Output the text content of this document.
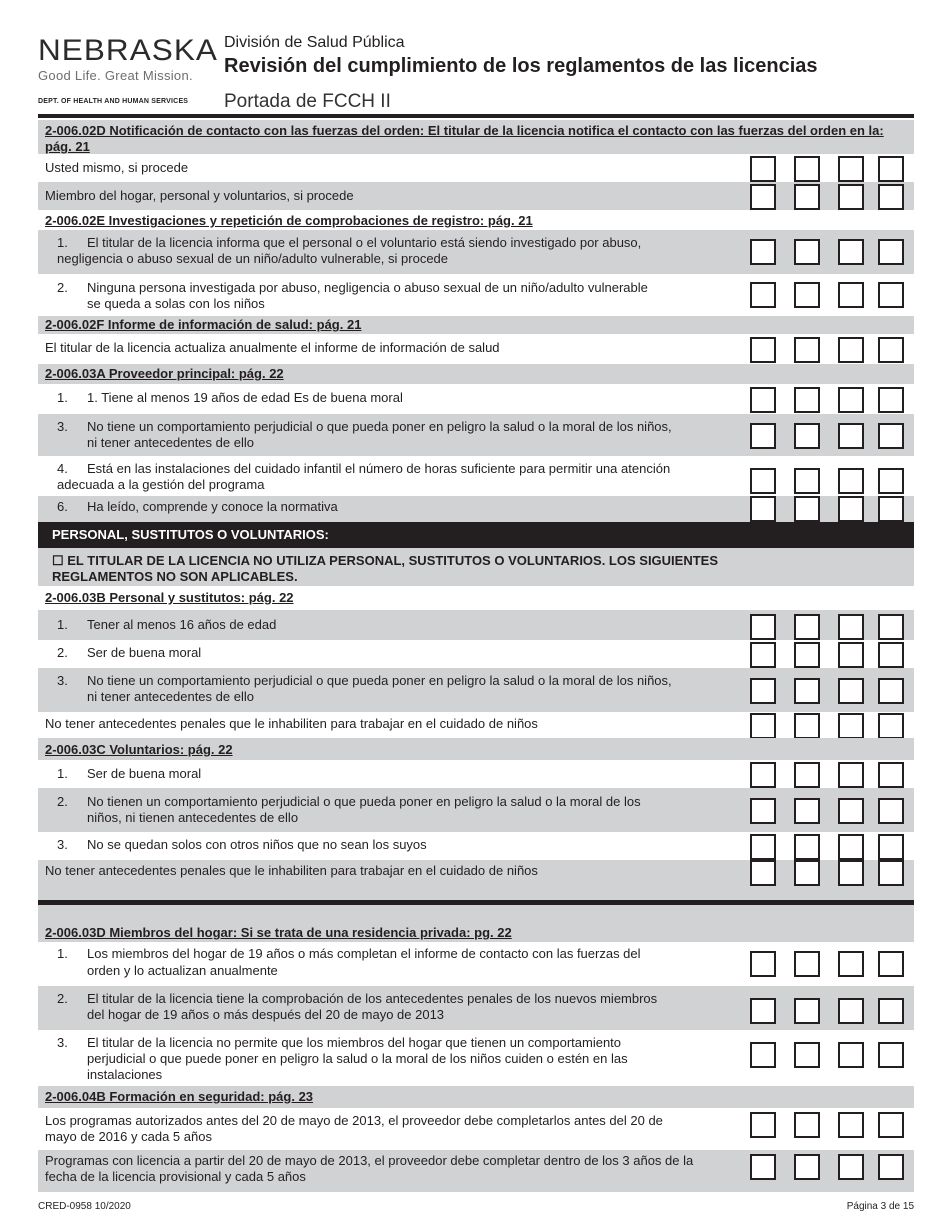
NEBRASKA
Good Life. Great Mission.
DEPT. OF HEALTH AND HUMAN SERVICES
División de Salud Pública
Revisión del cumplimiento de los reglamentos de las licencias
Portada de FCCH II
2-006.02D Notificación de contacto con las fuerzas del orden: El titular de la licencia notifica el contacto con las fuerzas del orden en la: pág. 21
Usted mismo, si procede
Miembro del hogar, personal y voluntarios, si procede
2-006.02E Investigaciones y repetición de comprobaciones de registro: pág. 21
1. El titular de la licencia informa que el personal o el voluntario está siendo investigado por abuso,
negligencia o abuso sexual de un niño/adulto vulnerable, si procede
2. Ninguna persona investigada por abuso, negligencia o abuso sexual de un niño/adulto vulnerable
se queda a solas con los niños
2-006.02F Informe de información de salud: pág. 21
El titular de la licencia actualiza anualmente el informe de información de salud
2-006.03A Proveedor principal: pág. 22
1. 1. Tiene al menos 19 años de edad Es de buena moral
3. No tiene un comportamiento perjudicial o que pueda poner en peligro la salud o la moral de los niños,
ni tener antecedentes de ello
4. Está en las instalaciones del cuidado infantil el número de horas suficiente para permitir una atención
adecuada a la gestión del programa
6. Ha leído, comprende y conoce la normativa
PERSONAL, SUSTITUTOS O VOLUNTARIOS:
☐ EL TITULAR DE LA LICENCIA NO UTILIZA PERSONAL, SUSTITUTOS O VOLUNTARIOS. LOS SIGUIENTES
REGLAMENTOS NO SON APLICABLES.
2-006.03B Personal y sustitutos: pág. 22
1. Tener al menos 16 años de edad
2. Ser de buena moral
3. No tiene un comportamiento perjudicial o que pueda poner en peligro la salud o la moral de los niños,
ni tener antecedentes de ello
No tener antecedentes penales que le inhabiliten para trabajar en el cuidado de niños
2-006.03C Voluntarios: pág. 22
1. Ser de buena moral
2. No tienen un comportamiento perjudicial o que pueda poner en peligro la salud o la moral de los
niños, ni tienen antecedentes de ello
3. No se quedan solos con otros niños que no sean los suyos
No tener antecedentes penales que le inhabiliten para trabajar en el cuidado de niños
2-006.03D Miembros del hogar: Si se trata de una residencia privada: pg. 22
1. Los miembros del hogar de 19 años o más completan el informe de contacto con las fuerzas del
orden y lo actualizan anualmente
2. El titular de la licencia tiene la comprobación de los antecedentes penales de los nuevos miembros
del hogar de 19 años o más después del 20 de mayo de 2013
3. El titular de la licencia no permite que los miembros del hogar que tienen un comportamiento
perjudicial o que puede poner en peligro la salud o la moral de los niños cuiden o estén en las
instalaciones
2-006.04B Formación en seguridad: pág. 23
Los programas autorizados antes del 20 de mayo de 2013, el proveedor debe completarlos antes del 20 de
mayo de 2016 y cada 5 años
Programas con licencia a partir del 20 de mayo de 2013, el proveedor debe completar dentro de los 3 años de la
fecha de la licencia provisional y cada 5 años
CRED-0958 10/2020	Página 3 de 15
